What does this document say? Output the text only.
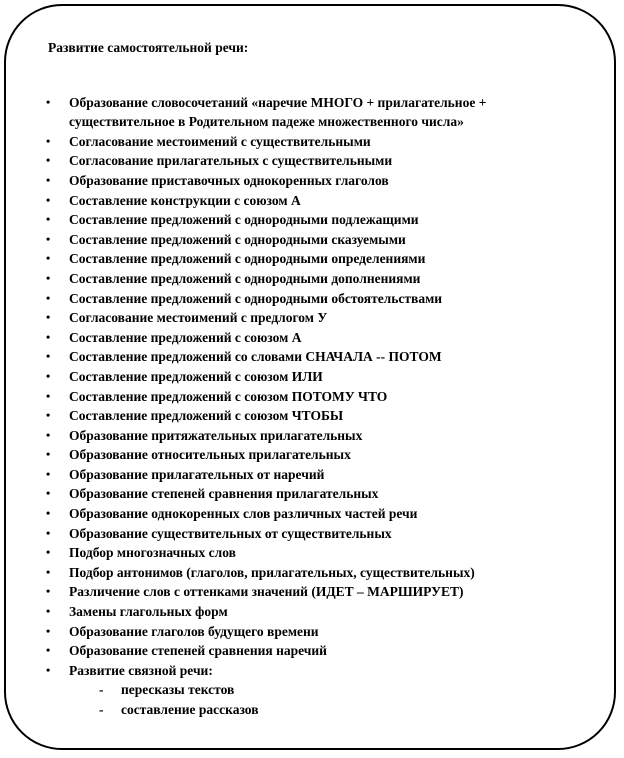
Развитие самостоятельной речи:
• Образование словосочетаний «наречие МНОГО + прилагательное + существительное в Родительном падеже множественного числа»
• Согласование местоимений с существительными
• Согласование прилагательных с существительными
• Образование приставочных однокоренных глаголов
• Составление конструкции с союзом А
• Составление предложений с однородными подлежащими
• Составление предложений с однородными сказуемыми
• Составление предложений с однородными определениями
• Составление предложений с однородными дополнениями
• Составление предложений с однородными обстоятельствами
• Согласование местоимений с предлогом У
• Составление предложений с союзом А
• Составление предложений со словами СНАЧАЛА -- ПОТОМ
• Составление предложений с союзом ИЛИ
• Составление предложений с союзом ПОТОМУ ЧТО
• Составление предложений с союзом ЧТОБЫ
• Образование притяжательных прилагательных
• Образование относительных прилагательных
• Образование прилагательных от наречий
• Образование степеней сравнения прилагательных
• Образование однокоренных слов различных частей речи
• Образование существительных от существительных
• Подбор многозначных слов
• Подбор антонимов (глаголов, прилагательных, существительных)
• Различение слов с оттенками значений (ИДЕТ – МАРШИРУЕТ)
• Замены глагольных форм
• Образование глаголов будущего времени
• Образование степеней сравнения наречий
• Развитие связной речи:
- пересказы текстов
- составление рассказов
